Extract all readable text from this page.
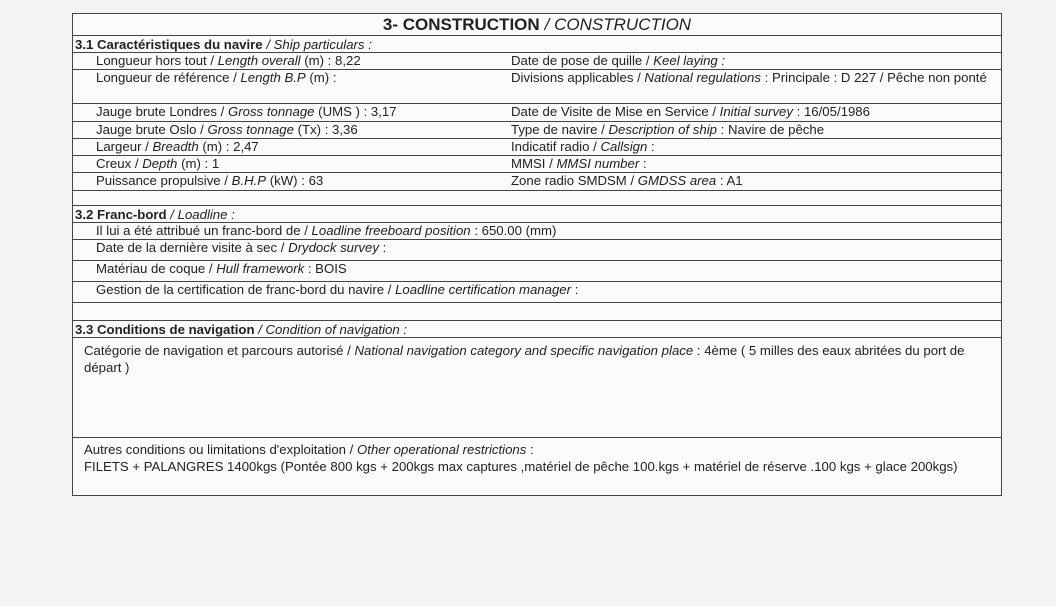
3- CONSTRUCTION / CONSTRUCTION
3.1 Caractéristiques du navire / Ship particulars :
Longueur hors tout / Length overall (m) : 8,22	Date de pose de quille / Keel laying :
Longueur de référence / Length B.P (m) :	Divisions applicables / National regulations : Principale : D 227 / Pêche non ponté
Jauge brute Londres / Gross tonnage (UMS ) : 3,17	Date de Visite de Mise en Service / Initial survey : 16/05/1986
Jauge brute Oslo / Gross tonnage (Tx) : 3,36	Type de navire / Description of ship : Navire de pêche
Largeur / Breadth (m) : 2,47	Indicatif radio / Callsign :
Creux / Depth (m) : 1	MMSI / MMSI number :
Puissance propulsive / B.H.P (kW) : 63	Zone radio SMDSM / GMDSS area : A1
3.2 Franc-bord / Loadline :
Il lui a été attribué un franc-bord de / Loadline freeboard position : 650.00 (mm)
Date de la dernière visite à sec / Drydock survey :
Matériau de coque / Hull framework : BOIS
Gestion de la certification de franc-bord du navire / Loadline certification manager :
3.3 Conditions de navigation / Condition of navigation :
Catégorie de navigation et parcours autorisé / National navigation category and specific navigation place : 4ème ( 5 milles des eaux abritées du port de départ )
Autres conditions ou limitations d'exploitation / Other operational restrictions :
FILETS + PALANGRES 1400kgs (Pontée 800 kgs + 200kgs max captures ,matériel de pêche 100.kgs + matériel de réserve .100 kgs + glace 200kgs)
